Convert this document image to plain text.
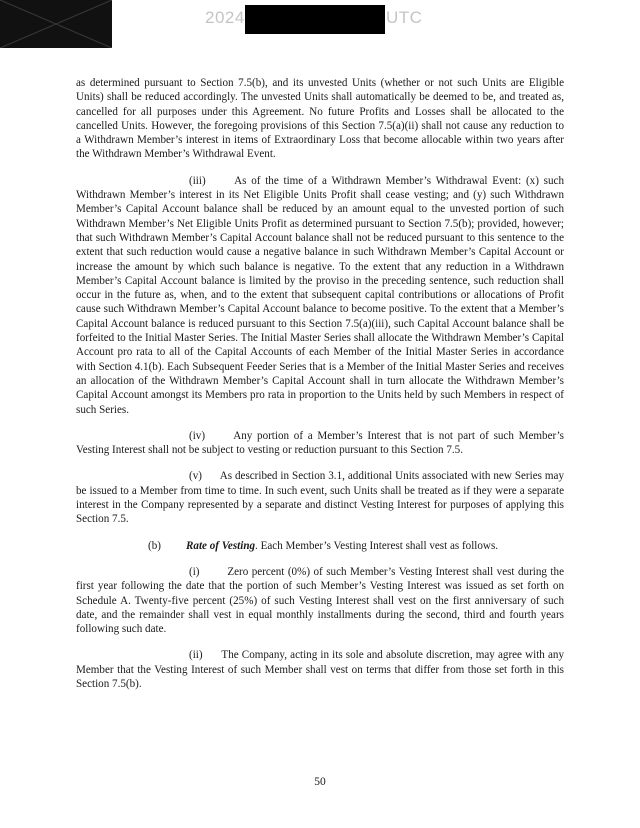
2024	UTC

as determined pursuant to Section 7.5(b), and its unvested Units (whether or not such Units are Eligible Units) shall be reduced accordingly. The unvested Units shall automatically be deemed to be, and treated as, cancelled for all purposes under this Agreement. No future Profits and Losses shall be allocated to the cancelled Units. However, the foregoing provisions of this Section 7.5(a)(ii) shall not cause any reduction to a Withdrawn Member’s interest in items of Extraordinary Loss that become allocable within two years after the Withdrawn Member’s Withdrawal Event.

(iii)	As of the time of a Withdrawn Member’s Withdrawal Event: (x) such Withdrawn Member’s interest in its Net Eligible Units Profit shall cease vesting; and (y) such Withdrawn Member’s Capital Account balance shall be reduced by an amount equal to the unvested portion of such Withdrawn Member’s Net Eligible Units Profit as determined pursuant to Section 7.5(b); provided, however; that such Withdrawn Member’s Capital Account balance shall not be reduced pursuant to this sentence to the extent that such reduction would cause a negative balance in such Withdrawn Member’s Capital Account or increase the amount by which such balance is negative. To the extent that any reduction in a Withdrawn Member’s Capital Account balance is limited by the proviso in the preceding sentence, such reduction shall occur in the future as, when, and to the extent that subsequent capital contributions or allocations of Profit cause such Withdrawn Member’s Capital Account balance to become positive. To the extent that a Member’s Capital Account balance is reduced pursuant to this Section 7.5(a)(iii), such Capital Account balance shall be forfeited to the Initial Master Series. The Initial Master Series shall allocate the Withdrawn Member’s Capital Account pro rata to all of the Capital Accounts of each Member of the Initial Master Series in accordance with Section 4.1(b). Each Subsequent Feeder Series that is a Member of the Initial Master Series and receives an allocation of the Withdrawn Member’s Capital Account shall in turn allocate the Withdrawn Member’s Capital Account amongst its Members pro rata in proportion to the Units held by such Members in respect of such Series.

(iv)	Any portion of a Member’s Interest that is not part of such Member’s Vesting Interest shall not be subject to vesting or reduction pursuant to this Section 7.5.

(v) As described in Section 3.1, additional Units associated with new Series may be issued to a Member from time to time. In such event, such Units shall be treated as if they were a separate interest in the Company represented by a separate and distinct Vesting Interest for purposes of applying this Section 7.5.

(b) Rate of Vesting. Each Member’s Vesting Interest shall vest as follows.

(i)	Zero percent (0%) of such Member’s Vesting Interest shall vest during the first year following the date that the portion of such Member’s Vesting Interest was issued as set forth on Schedule A. Twenty-five percent (25%) of such Vesting Interest shall vest on the first anniversary of such date, and the remainder shall vest in equal monthly installments during the second, third and fourth years following such date.

(ii) The Company, acting in its sole and absolute discretion, may agree with any Member that the Vesting Interest of such Member shall vest on terms that differ from those set forth in this Section 7.5(b).

50
